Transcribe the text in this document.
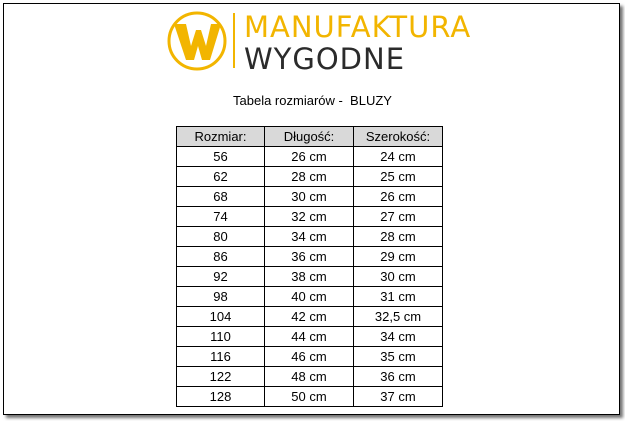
MANUFAKTURA
WYGODNE
Tabela rozmiarów -  BLUZY
Rozmiar:	Długość:	Szerokość:
56	26 cm	24 cm
62	28 cm	25 cm
68	30 cm	26 cm
74	32 cm	27 cm
80	34 cm	28 cm
86	36 cm	29 cm
92	38 cm	30 cm
98	40 cm	31 cm
104	42 cm	32,5 cm
110	44 cm	34 cm
116	46 cm	35 cm
122	48 cm	36 cm
128	50 cm	37 cm
